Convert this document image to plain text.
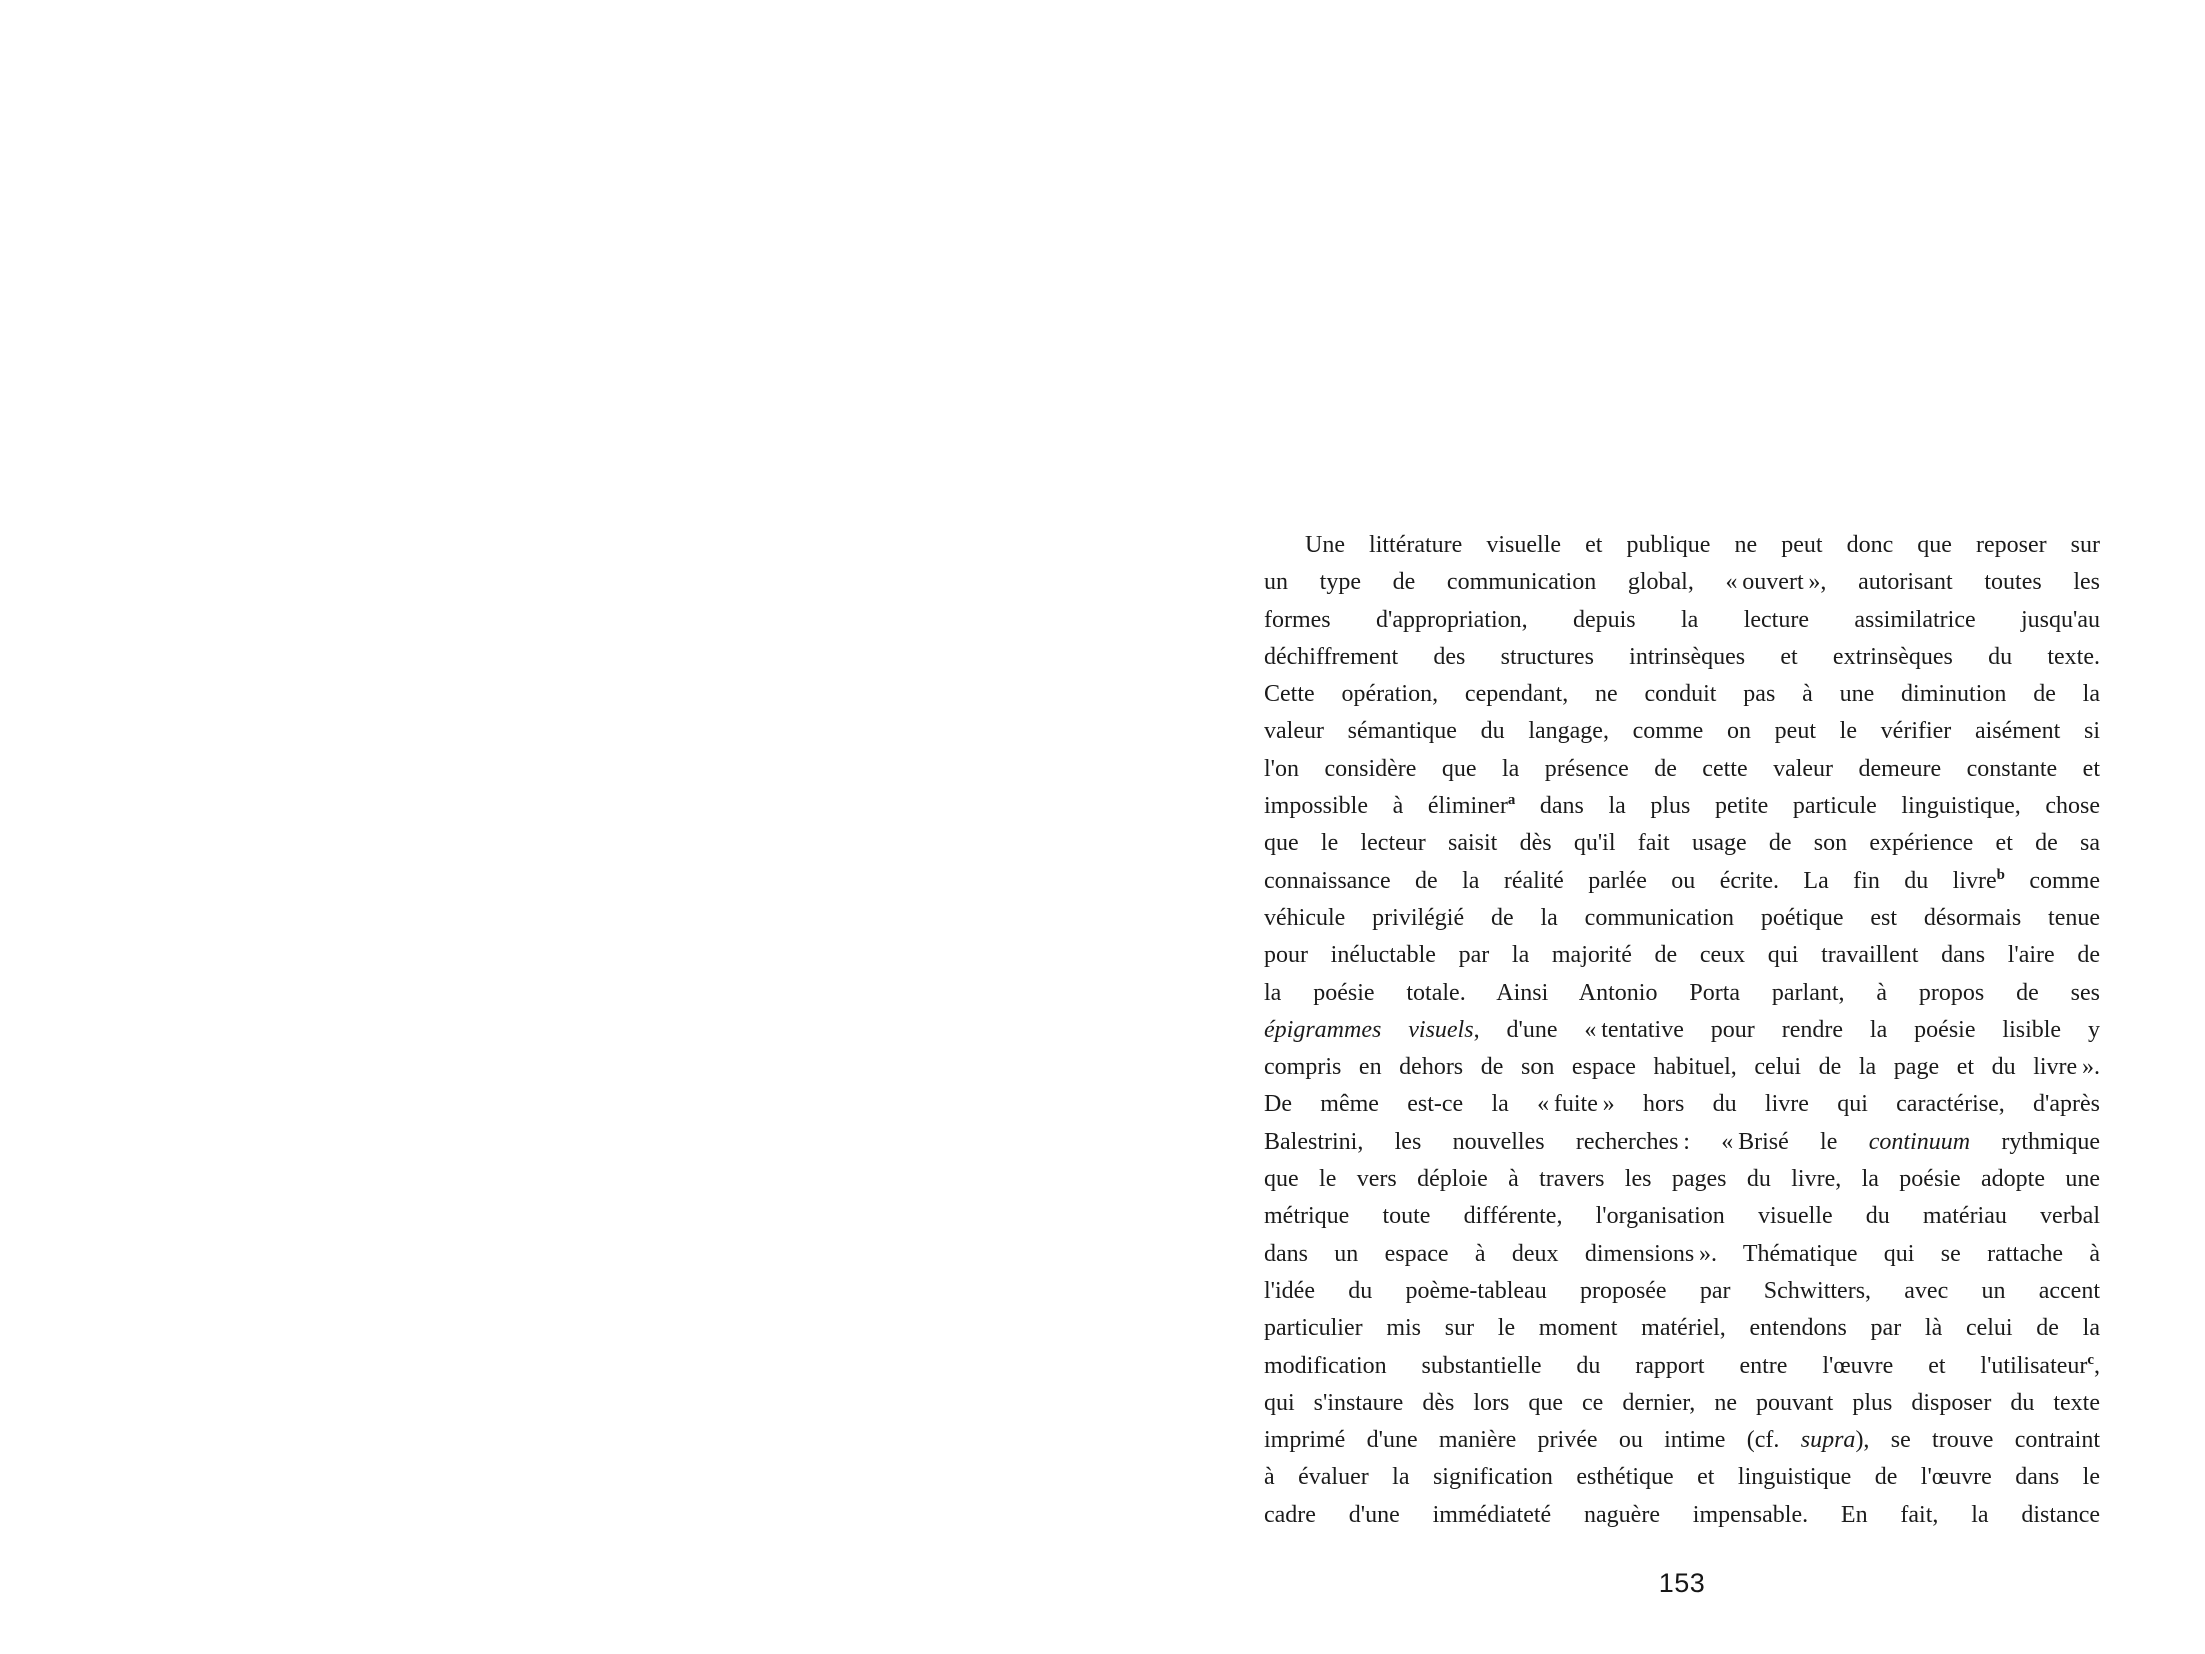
Une littérature visuelle et publique ne peut donc que reposer sur
un type de communication global, « ouvert », autorisant toutes les
formes d'appropriation, depuis la lecture assimilatrice jusqu'au
déchiffrement des structures intrinsèques et extrinsèques du texte.
Cette opération, cependant, ne conduit pas à une diminution de la
valeur sémantique du langage, comme on peut le vérifier aisément si
l'on considère que la présence de cette valeur demeure constante et
impossible à éliminer$^a$ dans la plus petite particule linguistique, chose
que le lecteur saisit dès qu'il fait usage de son expérience et de sa
connaissance de la réalité parlée ou écrite. La fin du livre$^b$ comme
véhicule privilégié de la communication poétique est désormais tenue
pour inéluctable par la majorité de ceux qui travaillent dans l'aire de
la poésie totale. Ainsi Antonio Porta parlant, à propos de ses
épigrammes visuels, d'une « tentative pour rendre la poésie lisible y
compris en dehors de son espace habituel, celui de la page et du livre ».
De même est-ce la « fuite » hors du livre qui caractérise, d'après
Balestrini, les nouvelles recherches : « Brisé le continuum rythmique
que le vers déploie à travers les pages du livre, la poésie adopte une
métrique toute différente, l'organisation visuelle du matériau verbal
dans un espace à deux dimensions ». Thématique qui se rattache à
l'idée du poème-tableau proposée par Schwitters, avec un accent
particulier mis sur le moment matériel, entendons par là celui de la
modification substantielle du rapport entre l'œuvre et l'utilisateur$^c$,
qui s'instaure dès lors que ce dernier, ne pouvant plus disposer du texte
imprimé d'une manière privée ou intime (cf. supra), se trouve contraint
à évaluer la signification esthétique et linguistique de l'œuvre dans le
cadre d'une immédiateté naguère impensable. En fait, la distance
153
